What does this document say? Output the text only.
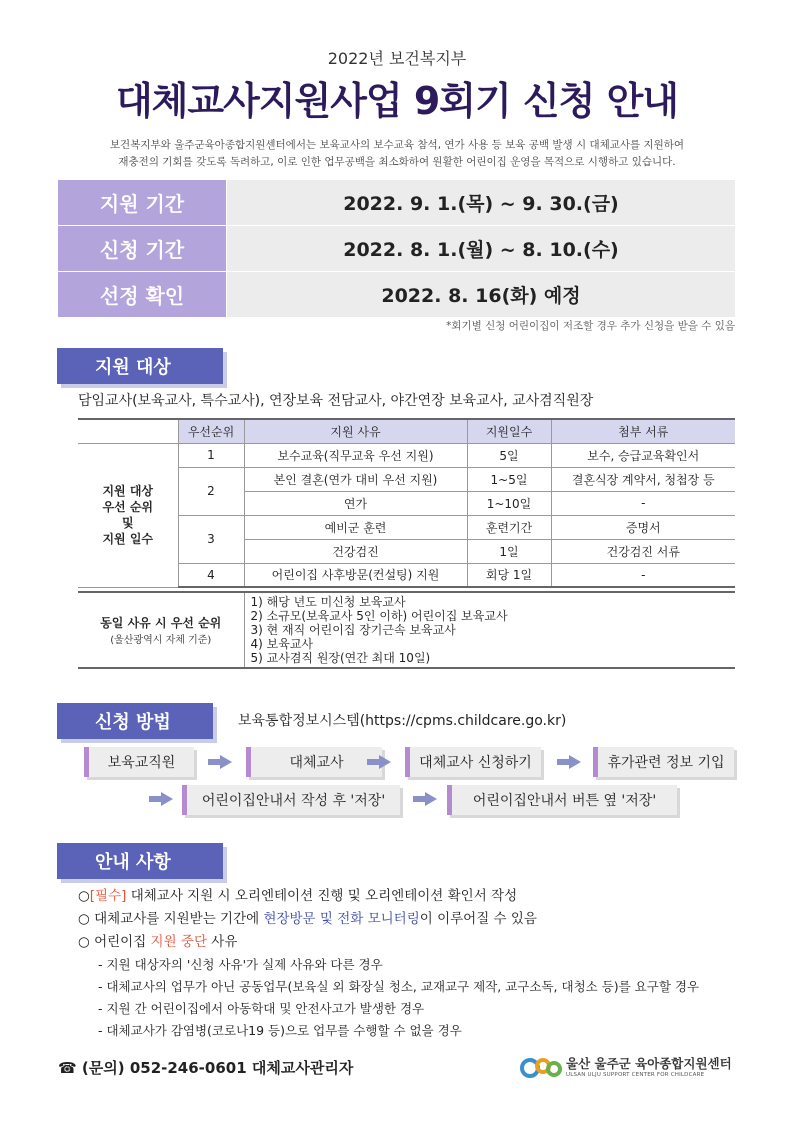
2022년 보건복지부
대체교사지원사업 9회기 신청 안내
보건복지부와 울주군육아종합지원센터에서는 보육교사의 보수교육 참석, 연가 사용 등 보육 공백 발생 시 대체교사를 지원하여
재충전의 기회를 갖도록 독려하고, 이로 인한 업무공백을 최소화하여 원활한 어린이집 운영을 목적으로 시행하고 있습니다.
지원 기간	2022. 9. 1.(목) ~ 9. 30.(금)
신청 기간	2022. 8. 1.(월) ~ 8. 10.(수)
선정 확인	2022. 8. 16(화) 예정
*회기별 신청 어린이집이 저조할 경우 추가 신청을 받을 수 있음
지원 대상
담임교사(보육교사, 특수교사), 연장보육 전담교사, 야간연장 보육교사, 교사겸직원장
	우선순위	지원 사유	지원일수	첨부 서류

지원 대상
우선 순위
및
지원 일수	1	보수교육(직무교육 우선 지원)	5일	보수, 승급교육확인서
	2	본인 결혼(연가 대비 우선 지원)	1~5일	결혼식장 계약서, 청첩장 등
		연가	1~10일	-
	3	예비군 훈련	훈련기간	증명서
		건강검진	1일	건강검진 서류
	4	어린이집 사후방문(컨설팅) 지원	회당 1일	-
동일 사유 시 우선 순위
(울산광역시 자체 기준)

1) 해당 년도 미신청 보육교사
2) 소규모(보육교사 5인 이하) 어린이집 보육교사
3) 현 재직 어린이집 장기근속 보육교사
4) 보육교사
5) 교사겸직 원장(연간 최대 10일)
신청 방법	보육통합정보시스템(https://cpms.childcare.go.kr)
보육교직원	대체교사	대체교사 신청하기	휴가관련 정보 기입
어린이집안내서 작성 후 '저장'	어린이집안내서 버튼 옆 '저장'
안내 사항
○[필수] 대체교사 지원 시 오리엔테이션 진행 및 오리엔테이션 확인서 작성
○ 대체교사를 지원받는 기간에 현장방문 및 전화 모니터링이 이루어질 수 있음
○ 어린이집 지원 중단 사유
- 지원 대상자의 '신청 사유'가 실제 사유와 다른 경우
- 대체교사의 업무가 아닌 공동업무(보육실 외 화장실 청소, 교재교구 제작, 교구소독, 대청소 등)를 요구할 경우
- 지원 간 어린이집에서 아동학대 및 안전사고가 발생한 경우
- 대체교사가 감염병(코로나19 등)으로 업무를 수행할 수 없을 경우
☎ (문의) 052-246-0601 대체교사관리자	울산 울주군 육아종합지원센터
ULSAN ULJU SUPPORT CENTER FOR CHILDCARE
